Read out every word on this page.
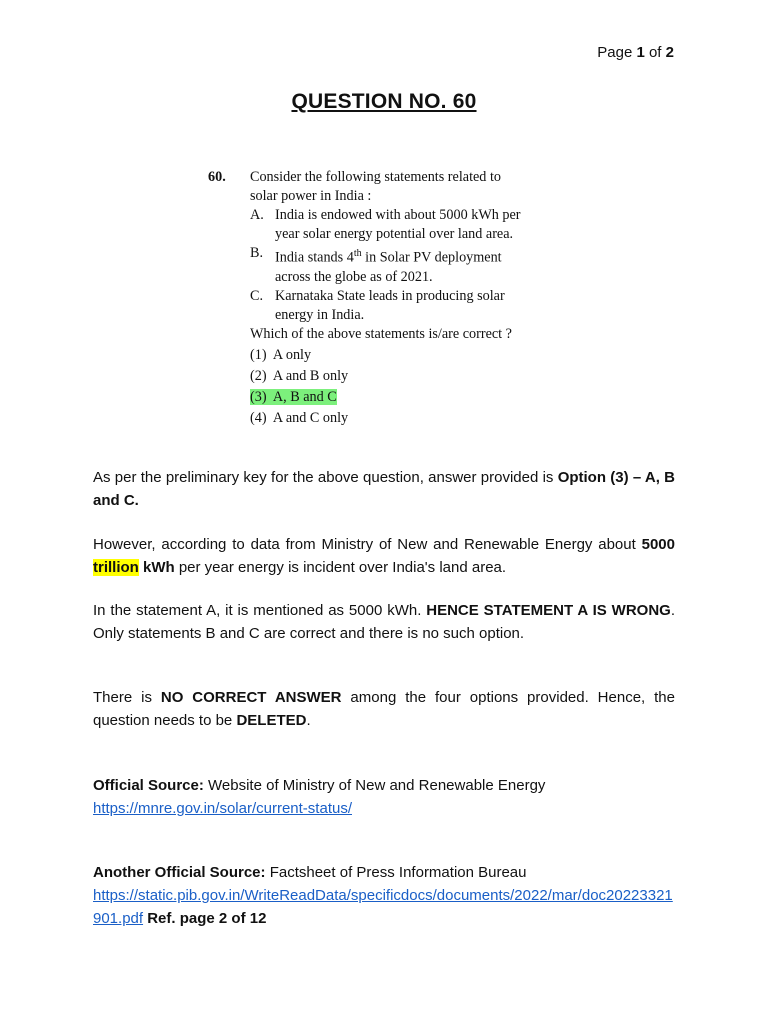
Page 1 of 2
QUESTION NO. 60
60. Consider the following statements related to
solar power in India :
A. India is endowed with about 5000 kWh per
year solar energy potential over land area.
B. India stands 4th in Solar PV deployment
across the globe as of 2021.
C. Karnataka State leads in producing solar
energy in India.
Which of the above statements is/are correct ?
(1)  A only
(2)  A and B only
(3)  A, B and C
(4)  A and C only
As per the preliminary key for the above question, answer provided is Option (3) – A, B and C.
However, according to data from Ministry of New and Renewable Energy about 5000 trillion kWh per year energy is incident over India's land area.
In the statement A, it is mentioned as 5000 kWh. HENCE STATEMENT A IS WRONG. Only statements B and C are correct and there is no such option.
There is NO CORRECT ANSWER among the four options provided. Hence, the question needs to be DELETED.
Official Source: Website of Ministry of New and Renewable Energy
https://mnre.gov.in/solar/current-status/
Another Official Source: Factsheet of Press Information Bureau
https://static.pib.gov.in/WriteReadData/specificdocs/documents/2022/mar/doc20223321901.pdf Ref. page 2 of 12
